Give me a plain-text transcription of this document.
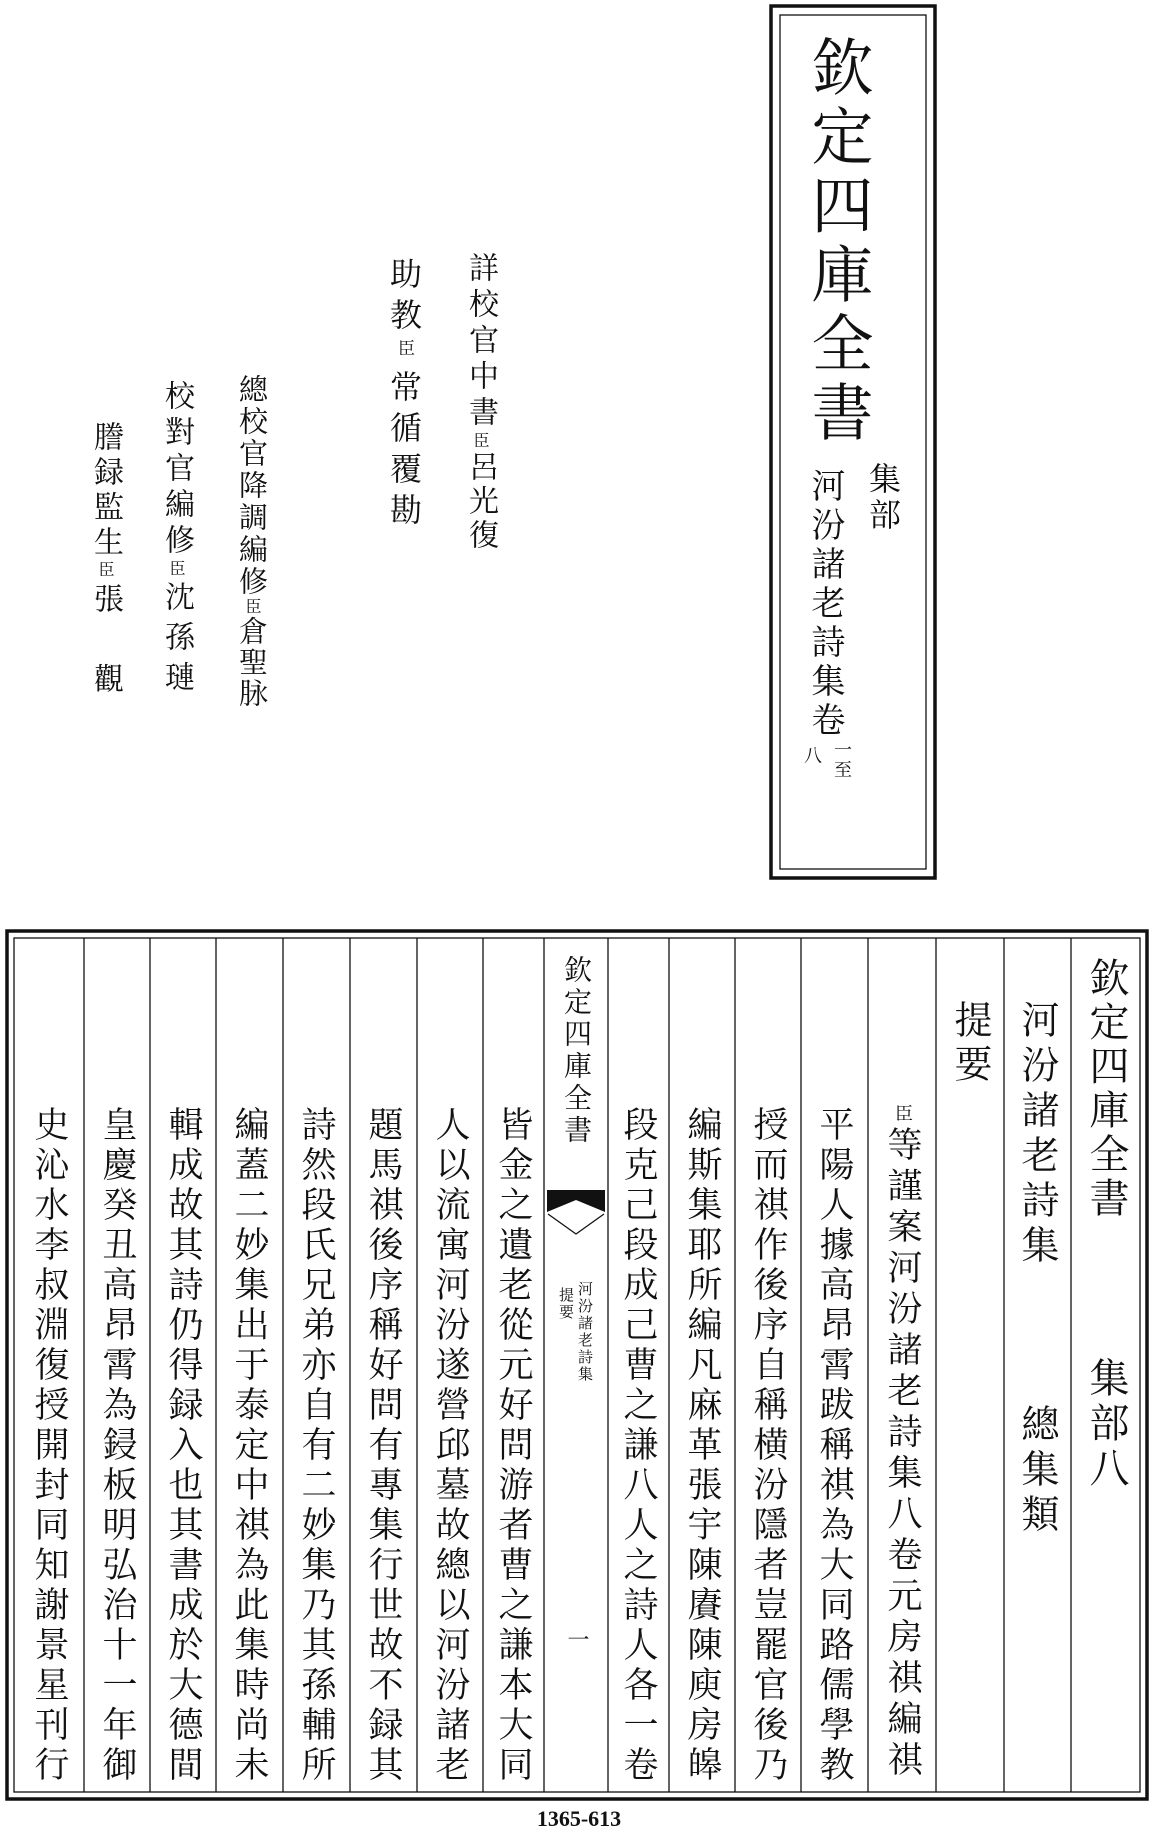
欽定四庫全書
集部
河汾諸老詩集卷
一至
八
詳校官中書臣呂光復
助教臣常循覆勘
總校官降調編修臣倉聖脉
校對官編修臣沈孫璉
謄録監生臣張觀
欽定四庫全書
集部八
河汾諸老詩集
總集類
提要
臣等謹案河汾諸老詩集八卷元房祺編祺
平陽人據高昂霄跋稱祺為大同路儒學教
授而祺作後序自稱横汾隱者豈罷官後乃
編斯集耶所編凡麻革張宇陳賡陳庾房皞
段克己段成己曹之謙八人之詩人各一卷
欽定四庫全書
河汾諸老詩集
提要
一
皆金之遺老從元好問游者曹之謙本大同
人以流寓河汾遂營邱墓故總以河汾諸老
題馬祺後序稱好問有專集行世故不録其
詩然段氏兄弟亦自有二妙集乃其孫輔所
編蓋二妙集出于泰定中祺為此集時尚未
輯成故其詩仍得録入也其書成於大德間
皇慶癸丑高昂霄為鋟板明弘治十一年御
史沁水李叔淵復授開封同知謝景星刊行
1365-613
